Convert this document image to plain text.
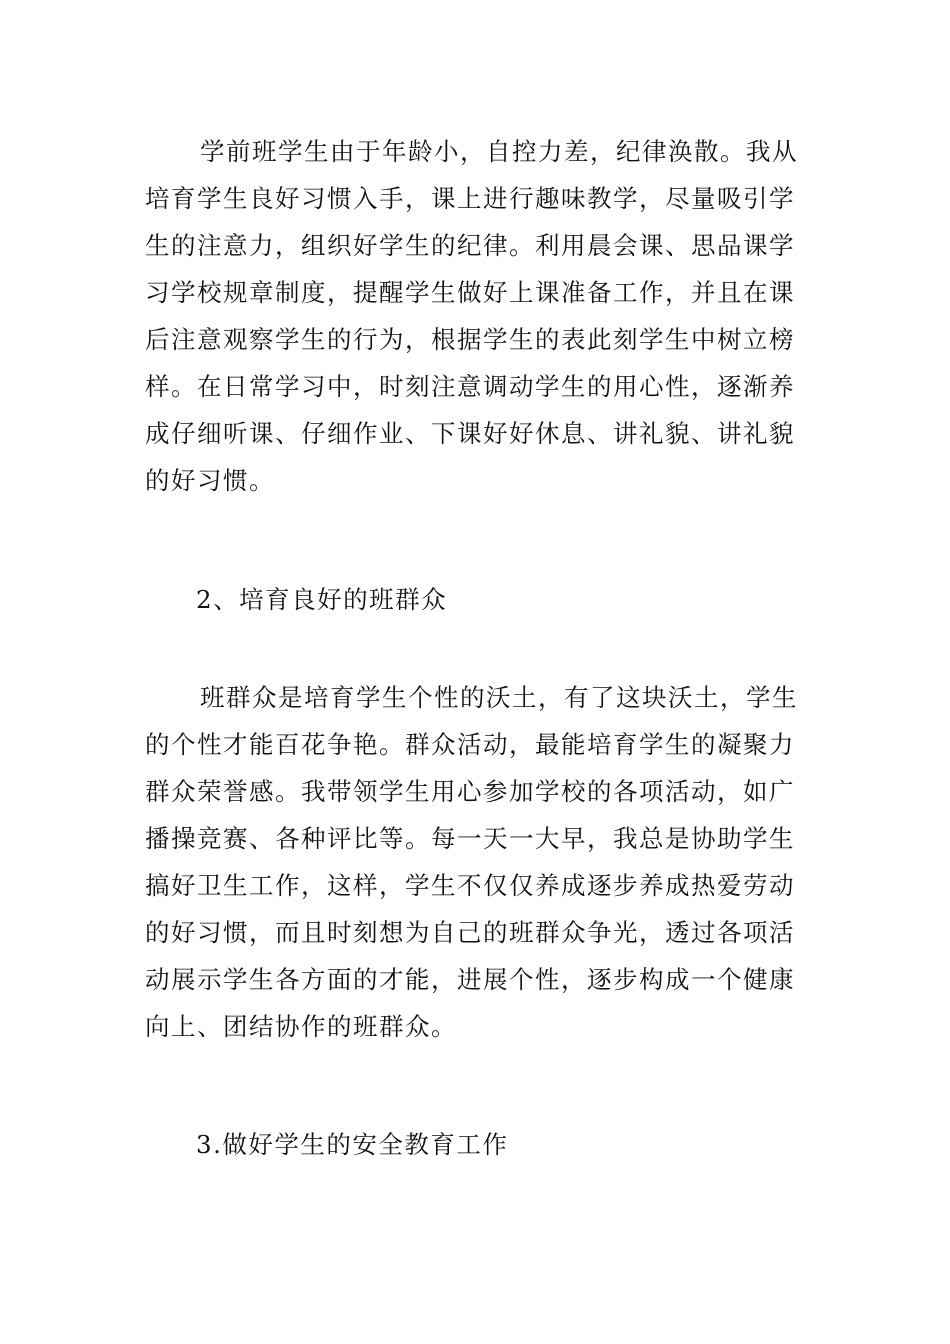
学前班学生由于年龄小，自控力差，纪律涣散。我从
培育学生良好习惯入手，课上进行趣味教学，尽量吸引学
生的注意力，组织好学生的纪律。利用晨会课、思品课学
习学校规章制度，提醒学生做好上课准备工作，并且在课
后注意观察学生的行为，根据学生的表此刻学生中树立榜
样。在日常学习中，时刻注意调动学生的用心性，逐渐养
成仔细听课、仔细作业、下课好好休息、讲礼貌、讲礼貌
的好习惯。
2、培育良好的班群众
班群众是培育学生个性的沃土，有了这块沃土，学生
的个性才能百花争艳。群众活动，最能培育学生的凝聚力
群众荣誉感。我带领学生用心参加学校的各项活动，如广
播操竞赛、各种评比等。每一天一大早，我总是协助学生
搞好卫生工作，这样，学生不仅仅养成逐步养成热爱劳动
的好习惯，而且时刻想为自己的班群众争光，透过各项活
动展示学生各方面的才能，进展个性，逐步构成一个健康
向上、团结协作的班群众。
3.做好学生的安全教育工作
